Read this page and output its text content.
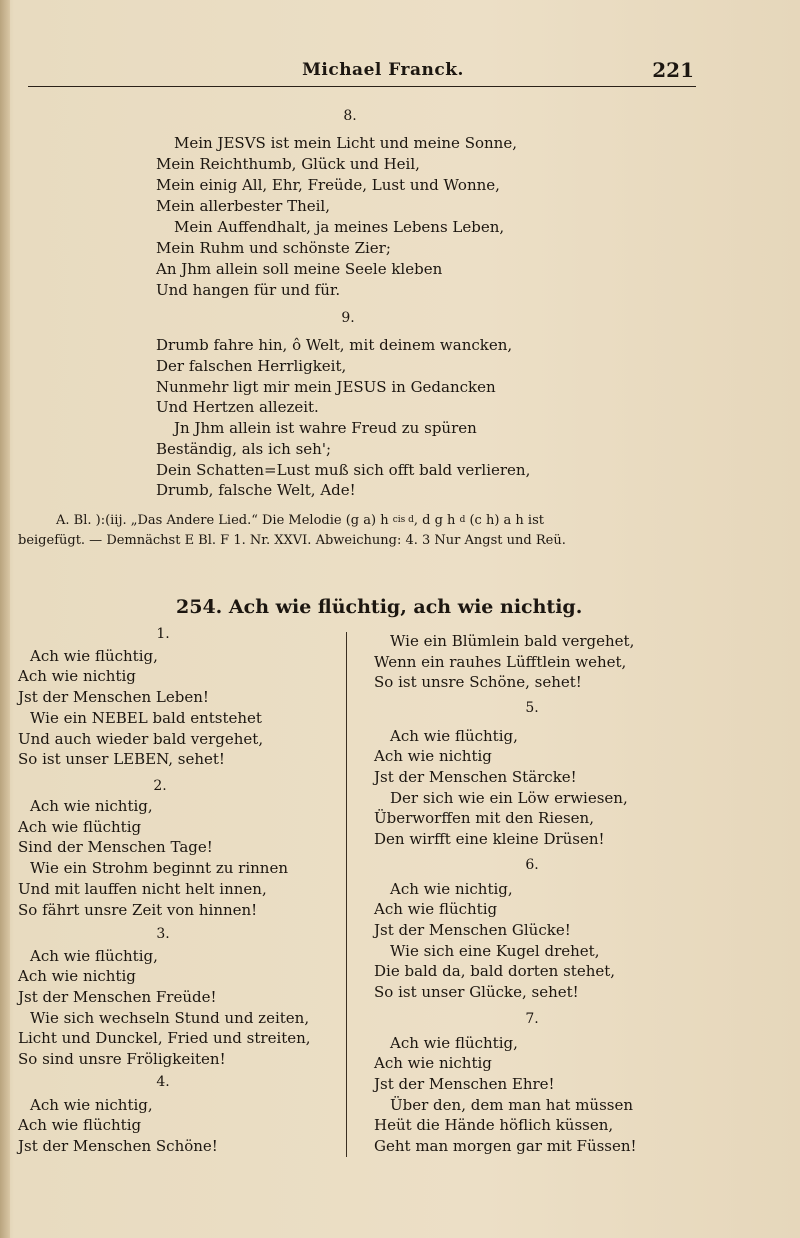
Michael Franck.	221
8.
Mein JESVS ist mein Licht und meine Sonne,
Mein Reichthumb, Glück und Heil,
Mein einig All, Ehr, Freüde, Lust und Wonne,
Mein allerbester Theil,
Mein Auffendhalt, ja meines Lebens Leben,
Mein Ruhm und schönste Zier;
An Jhm allein soll meine Seele kleben
Und hangen für und für.
9.
Drumb fahre hin, ô Welt, mit deinem wancken,
Der falschen Herrligkeit,
Nunmehr ligt mir mein JESUS in Gedancken
Und Hertzen allezeit.
Jn Jhm allein ist wahre Freud zu spüren
Beständig, als ich seh';
Dein Schatten=Lust muß sich offt bald verlieren,
Drumb, falsche Welt, Ade!
A. Bl. ):(iij. „Das Andere Lied.“ Die Melodie (g a) h $^{cis d}$, d g h $^d$ (c h) a h ist
beigefügt. — Demnächst E Bl. F 1. Nr. XXVI. Abweichung: 4. 3 Nur Angst und Reü.
254. Ach wie flüchtig, ach wie nichtig.
1.
Ach wie flüchtig,
Ach wie nichtig
Jst der Menschen Leben!
Wie ein NEBEL bald entstehet
Und auch wieder bald vergehet,
So ist unser LEBEN, sehet!
2.
Ach wie nichtig,
Ach wie flüchtig
Sind der Menschen Tage!
Wie ein Strohm beginnt zu rinnen
Und mit lauffen nicht helt innen,
So fährt unsre Zeit von hinnen!
3.
Ach wie flüchtig,
Ach wie nichtig
Jst der Menschen Freüde!
Wie sich wechseln Stund und zeiten,
Licht und Dunckel, Fried und streiten,
So sind unsre Fröligkeiten!
4.
Ach wie nichtig,
Ach wie flüchtig
Jst der Menschen Schöne!
Wie ein Blümlein bald vergehet,
Wenn ein rauhes Lüfftlein wehet,
So ist unsre Schöne, sehet!
5.
Ach wie flüchtig,
Ach wie nichtig
Jst der Menschen Stärcke!
Der sich wie ein Löw erwiesen,
Überworffen mit den Riesen,
Den wirfft eine kleine Drüsen!
6.
Ach wie nichtig,
Ach wie flüchtig
Jst der Menschen Glücke!
Wie sich eine Kugel drehet,
Die bald da, bald dorten stehet,
So ist unser Glücke, sehet!
7.
Ach wie flüchtig,
Ach wie nichtig
Jst der Menschen Ehre!
Über den, dem man hat müssen
Heüt die Hände höflich küssen,
Geht man morgen gar mit Füssen!
